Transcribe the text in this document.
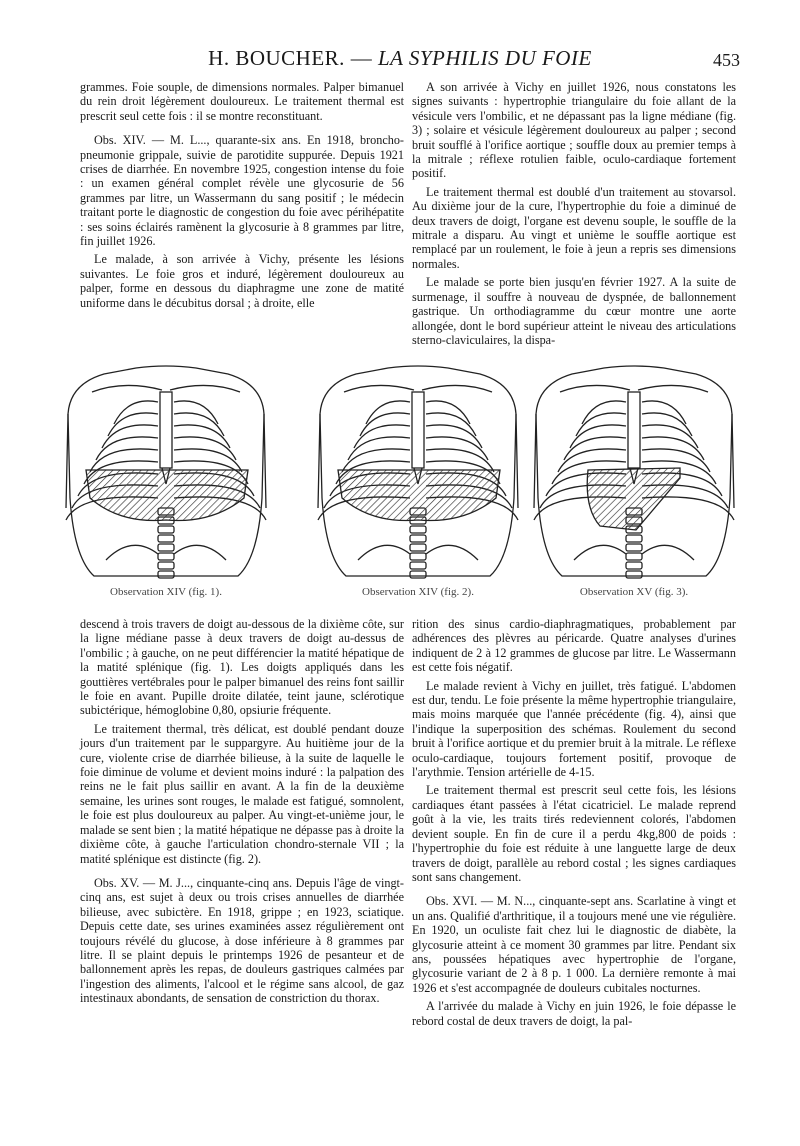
H. BOUCHER. — LA SYPHILIS DU FOIE	453

grammes. Foie souple, de dimensions normales. Palper bimanuel du rein droit légèrement douloureux. Le traitement thermal est prescrit seul cette fois : il se montre reconstituant.

Obs. XIV. — M. L..., quarante-six ans. En 1918, broncho-pneumonie grippale, suivie de parotidite suppurée. Depuis 1921 crises de diarrhée. En novembre 1925, congestion intense du foie : un examen général complet révèle une glycosurie de 56 grammes par litre, un Wassermann du sang positif ; le médecin traitant porte le diagnostic de congestion du foie avec périhépatite : ses soins éclairés ramènent la glycosurie à 8 grammes par litre, fin juillet 1926.

Le malade, à son arrivée à Vichy, présente les lésions suivantes. Le foie gros et induré, légèrement douloureux au palper, forme en dessous du diaphragme une zone de matité uniforme dans le décubitus dorsal ; à droite, elle

A son arrivée à Vichy en juillet 1926, nous constatons les signes suivants : hypertrophie triangulaire du foie allant de la vésicule vers l'ombilic, et ne dépassant pas la ligne médiane (fig. 3) ; solaire et vésicule légèrement douloureux au palper ; second bruit soufflé à l'orifice aortique ; souffle doux au premier temps à la mitrale ; réflexe rotulien faible, oculo-cardiaque fortement positif.

Le traitement thermal est doublé d'un traitement au stovarsol. Au dixième jour de la cure, l'hypertrophie du foie a diminué de deux travers de doigt, l'organe est devenu souple, le souffle de la mitrale a disparu. Au vingt et unième le souffle aortique est remplacé par un roulement, le foie à jeun a repris ses dimensions normales.

Le malade se porte bien jusqu'en février 1927. A la suite de surmenage, il souffre à nouveau de dyspnée, de ballonnement gastrique. Un orthodiagramme du cœur montre une aorte allongée, dont le bord supérieur atteint le niveau des articulations sterno-claviculaires, la dispa-

Observation XIV (fig. 1).	Observation XIV (fig. 2).	Observation XV (fig. 3).

descend à trois travers de doigt au-dessous de la dixième côte, sur la ligne médiane passe à deux travers de doigt au-dessus de l'ombilic ; à gauche, on ne peut différencier la matité hépatique de la matité splénique (fig. 1). Les doigts appliqués dans les gouttières vertébrales pour le palper bimanuel des reins font saillir le foie en avant. Pupille droite dilatée, teint jaune, sclérotique subictérique, hémoglobine 0,80, opsiurie fréquente.

Le traitement thermal, très délicat, est doublé pendant douze jours d'un traitement par le suppargyre. Au huitième jour de la cure, violente crise de diarrhée bilieuse, à la suite de laquelle le foie diminue de volume et devient moins induré : la palpation des reins ne le fait plus saillir en avant. A la fin de la deuxième semaine, les urines sont rouges, le malade est fatigué, somnolent, le foie est plus douloureux au palper. Au vingt-et-unième jour, le malade se sent bien ; la matité hépatique ne dépasse pas à droite la dixième côte, à gauche l'articulation chondro-sternale VII ; la matité splénique est distincte (fig. 2).

Obs. XV. — M. J..., cinquante-cinq ans. Depuis l'âge de vingt-cinq ans, est sujet à deux ou trois crises annuelles de diarrhée bilieuse, avec subictère. En 1918, grippe ; en 1923, sciatique. Depuis cette date, ses urines examinées assez régulièrement ont toujours révélé du glucose, à dose inférieure à 8 grammes par litre. Il se plaint depuis le printemps 1926 de pesanteur et de ballonnement après les repas, de douleurs gastriques calmées par l'ingestion des aliments, l'alcool et le régime sans alcool, de gaz intestinaux abondants, de sensation de constriction du thorax.

rition des sinus cardio-diaphragmatiques, probablement par adhérences des plèvres au péricarde. Quatre analyses d'urines indiquent de 2 à 12 grammes de glucose par litre. Le Wassermann est cette fois négatif.

Le malade revient à Vichy en juillet, très fatigué. L'abdomen est dur, tendu. Le foie présente la même hypertrophie triangulaire, mais moins marquée que l'année précédente (fig. 4), ainsi que l'indique la superposition des schémas. Roulement du second bruit à l'orifice aortique et du premier bruit à la mitrale. Le réflexe oculo-cardiaque, toujours fortement positif, provoque de l'arythmie. Tension artérielle de 4-15.

Le traitement thermal est prescrit seul cette fois, les lésions cardiaques étant passées à l'état cicatriciel. Le malade reprend goût à la vie, les traits tirés redeviennent colorés, l'abdomen devient souple. En fin de cure il a perdu 4kg,800 de poids : l'hypertrophie du foie est réduite à une languette large de deux travers de doigt, parallèle au rebord costal ; les signes cardiaques sont sans changement.

Obs. XVI. — M. N..., cinquante-sept ans. Scarlatine à vingt et un ans. Qualifié d'arthritique, il a toujours mené une vie régulière. En 1920, un oculiste fait chez lui le diagnostic de diabète, la glycosurie atteint à ce moment 30 grammes par litre. Pendant six ans, poussées hépatiques avec hypertrophie de l'organe, glycosurie variant de 2 à 8 p. 1 000. La dernière remonte à mai 1926 et s'est accompagnée de douleurs cubitales nocturnes.

A l'arrivée du malade à Vichy en juin 1926, le foie dépasse le rebord costal de deux travers de doigt, la pal-
